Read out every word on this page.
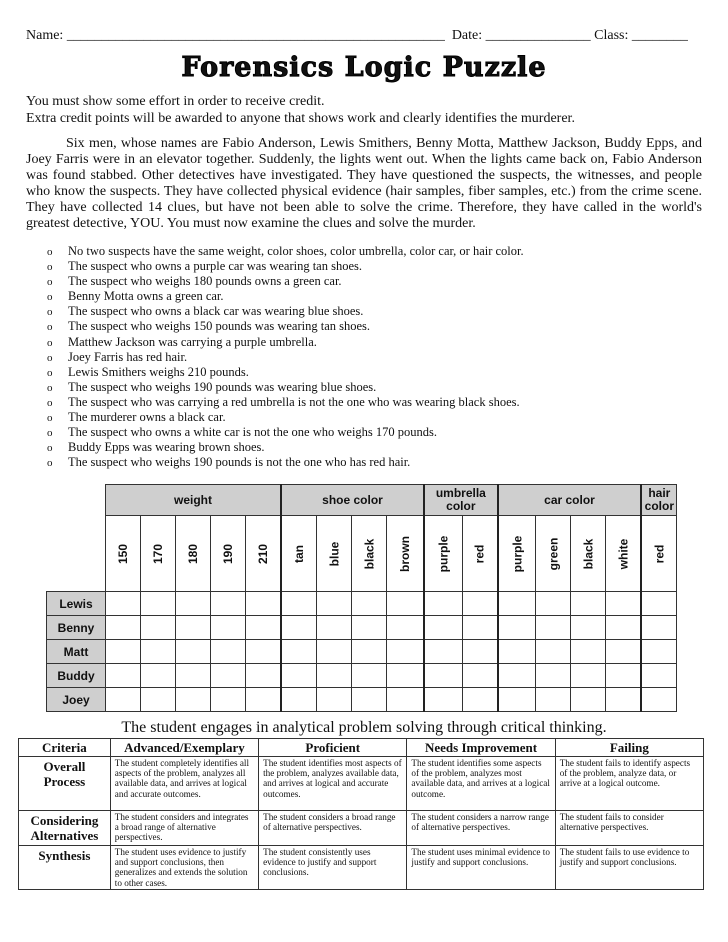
Name: ______________________________________________________  Date: _______________ Class: ________
Forensics Logic Puzzle
You must show some effort in order to receive credit.
Extra credit points will be awarded to anyone that shows work and clearly identifies the murderer.
Six men, whose names are Fabio Anderson, Lewis Smithers, Benny Motta, Matthew Jackson, Buddy Epps, and Joey Farris were in an elevator together. Suddenly, the lights went out. When the lights came back on, Fabio Anderson was found stabbed. Other detectives have investigated. They have questioned the suspects, the witnesses, and people who know the suspects. They have collected physical evidence (hair samples, fiber samples, etc.) from the crime scene. They have collected 14 clues, but have not been able to solve the crime. Therefore, they have called in the world's greatest detective, YOU. You must now examine the clues and solve the murder.
o No two suspects have the same weight, color shoes, color umbrella, color car, or hair color.
o The suspect who owns a purple car was wearing tan shoes.
o The suspect who weighs 180 pounds owns a green car.
o Benny Motta owns a green car.
o The suspect who owns a black car was wearing blue shoes.
o The suspect who weighs 150 pounds was wearing tan shoes.
o Matthew Jackson was carrying a purple umbrella.
o Joey Farris has red hair.
o Lewis Smithers weighs 210 pounds.
o The suspect who weighs 190 pounds was wearing blue shoes.
o The suspect who was carrying a red umbrella is not the one who was wearing black shoes.
o The murderer owns a black car.
o The suspect who owns a white car is not the one who weighs 170 pounds.
o Buddy Epps was wearing brown shoes.
o The suspect who weighs 190 pounds is not the one who has red hair.
	weight					shoe color				umbrella color		car color				hair color
	150	170	180	190	210	tan	blue	black	brown	purple	red	purple	green	black	white	red
Lewis																
Benny																
Matt																
Buddy																
Joey																
The student engages in analytical problem solving through critical thinking.
Criteria	Advanced/Exemplary	Proficient	Needs Improvement	Failing
Overall Process	The student completely identifies all aspects of the problem, analyzes all available data, and arrives at logical and accurate outcomes.	The student identifies most aspects of the problem, analyzes available data, and arrives at logical and accurate outcomes.	The student identifies some aspects of the problem, analyzes most available data, and arrives at a logical outcome.	The student fails to identify aspects of the problem, analyze data, or arrive at a logical outcome.
Considering Alternatives	The student considers and integrates a broad range of alternative perspectives.	The student considers a broad range of alternative perspectives.	The student considers a narrow range of alternative perspectives.	The student fails to consider alternative perspectives.
Synthesis	The student uses evidence to justify and support conclusions, then generalizes and extends the solution to other cases.	The student consistently uses evidence to justify and support conclusions.	The student uses minimal evidence to justify and support conclusions.	The student fails to use evidence to justify and support conclusions.
